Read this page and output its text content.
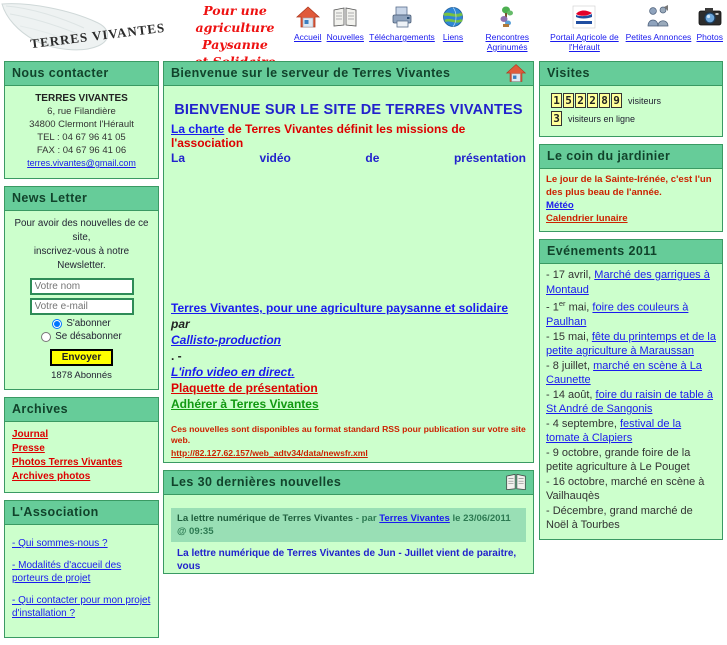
TERRES VIVANTES
Pour une agriculture
Paysanne	Accueil Nouvelles Téléchargements Liens	Rencontres Agrinumés
Portail Agricole de l'Hérault
Petites Annonces Photos
Nous contacter
TERRES VIVANTES
6, rue Filandière
34800 Clermont l'Hérault
TEL : 04 67 96 41 05
FAX : 04 67 96 41 06
terres.vivantes@gmail.com
News Letter
Pour avoir des nouvelles de ce site,
inscrivez-vous à notre Newsletter.
Votre nom
Votre e-mail
S'abonner
Se désabonner
Envoyer
1878 Abonnés
Archives
Journal
Presse
Photos Terres Vivantes
Archives photos
L'Association
- Qui sommes-nous ?
- Modalités d'accueil des porteurs de projet
- Qui contacter pour mon projet d'installation ?
Bienvenue sur le serveur de Terres Vivantes
BIENVENUE SUR LE SITE DE TERRES VIVANTES
La charte de Terres Vivantes définit les missions de l'association
La	vidéo	de	présentation
Terres Vivantes, pour une agriculture paysanne et solidaire
par
Callisto-production
. -
L'info video en direct.
Plaquette de présentation
Adhérer à Terres Vivantes
Ces nouvelles sont disponibles au format standard RSS pour publication sur votre site web.
http://82.127.62.157/web_adtv34/data/newsfr.xml
Les 30 dernières nouvelles
La lettre numérique de Terres Vivantes - par Terres Vivantes le 23/06/2011 @ 09:35
La lettre numérique de Terres Vivantes de Jun - Juillet vient de paraitre, vous
Visites
1 5 2 2 8 9 visiteurs
3 visiteurs en ligne
Le coin du jardinier
Le jour de la Sainte-Irénée, c'est l'un des plus beau de l'année.
Météo
Calendrier lunaire
Evénements 2011
- 17 avril, Marché des garrigues à Montaud
- 1er mai, foire des couleurs à Paulhan
- 15 mai, fête du printemps et de la petite agriculture à Maraussan
- 8 juillet, marché en scène à La Caunette
- 14 août, foire du raisin de table à St André de Sangonis
- 4 septembre, festival de la tomate à Clapiers
- 9 octobre, grande foire de la petite agriculture à Le Pouget
- 16 octobre, marché en scène à Vailhauqès
- Décembre, grand marché de Noël à Tourbes
